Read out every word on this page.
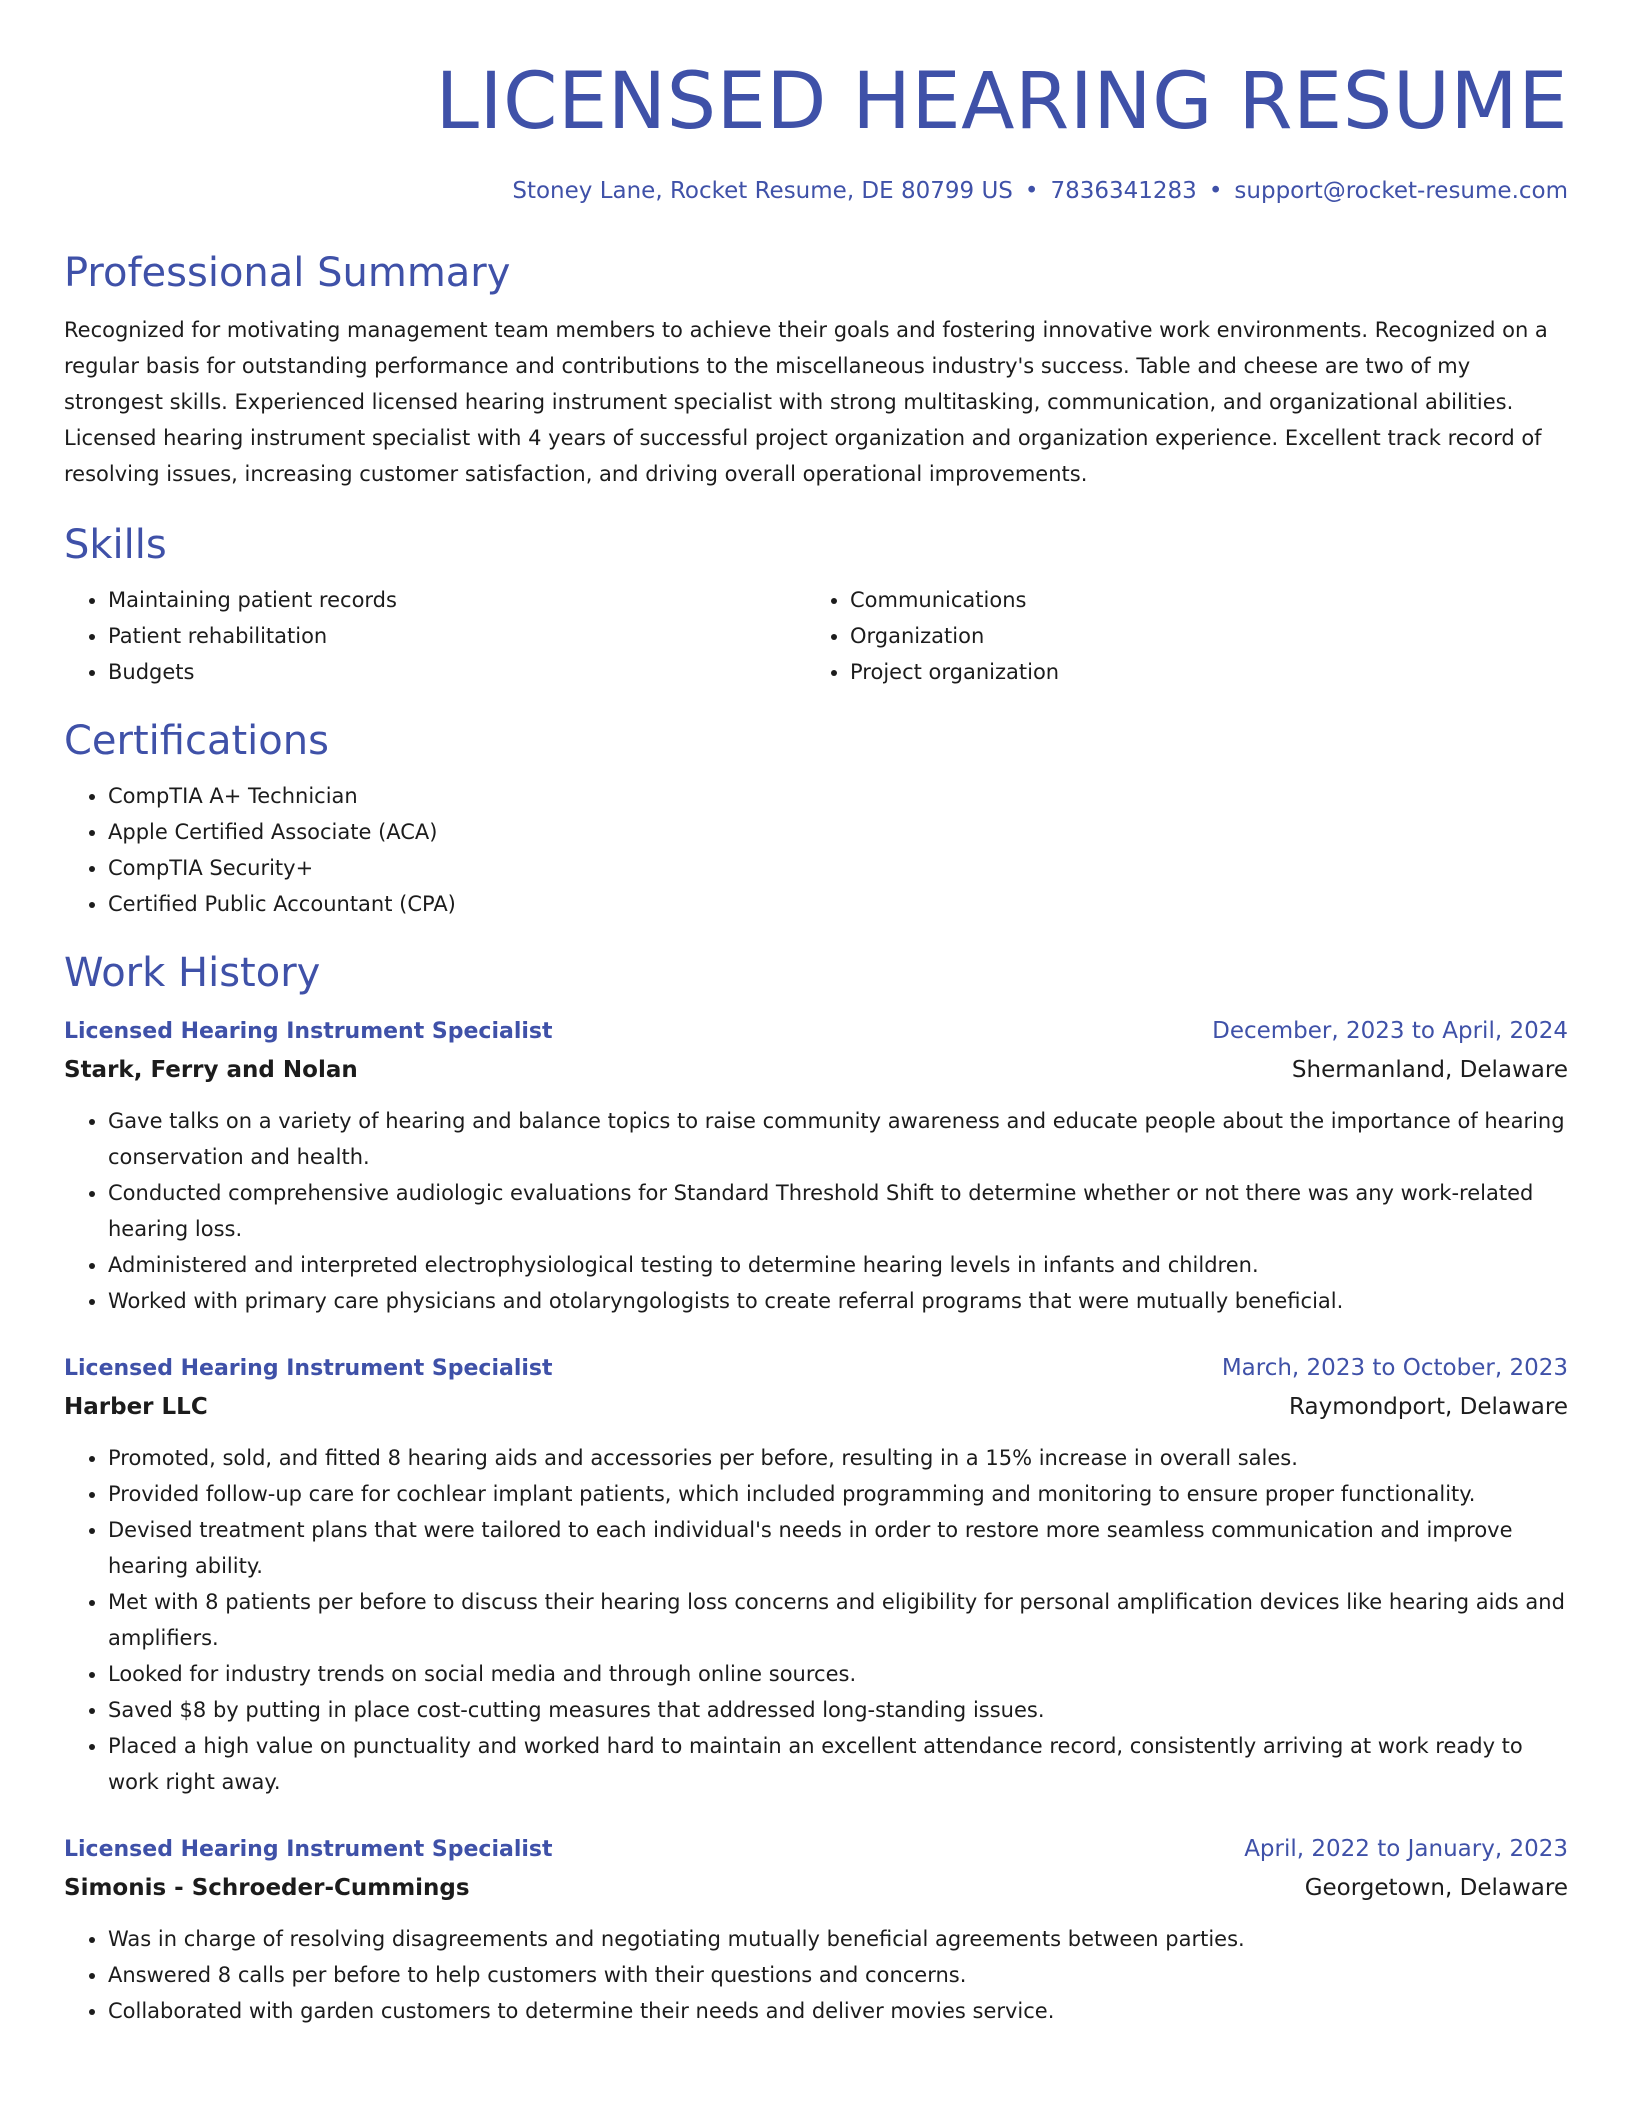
LICENSED HEARING RESUME
Stoney Lane, Rocket Resume, DE 80799 US • 7836341283 • support@rocket-resume.com
Professional Summary
Recognized for motivating management team members to achieve their goals and fostering innovative work environments. Recognized on a regular basis for outstanding performance and contributions to the miscellaneous industry's success. Table and cheese are two of my strongest skills. Experienced licensed hearing instrument specialist with strong multitasking, communication, and organizational abilities. Licensed hearing instrument specialist with 4 years of successful project organization and organization experience. Excellent track record of resolving issues, increasing customer satisfaction, and driving overall operational improvements.
Skills
• Maintaining patient records
• Patient rehabilitation
• Budgets
• Communications
• Organization
• Project organization
Certifications
• CompTIA A+ Technician
• Apple Certified Associate (ACA)
• CompTIA Security+
• Certified Public Accountant (CPA)
Work History
Licensed Hearing Instrument Specialist	December, 2023 to April, 2024
Stark, Ferry and Nolan	Shermanland, Delaware
• Gave talks on a variety of hearing and balance topics to raise community awareness and educate people about the importance of hearing conservation and health.
• Conducted comprehensive audiologic evaluations for Standard Threshold Shift to determine whether or not there was any work-related hearing loss.
• Administered and interpreted electrophysiological testing to determine hearing levels in infants and children.
• Worked with primary care physicians and otolaryngologists to create referral programs that were mutually beneficial.
Licensed Hearing Instrument Specialist	March, 2023 to October, 2023
Harber LLC	Raymondport, Delaware
• Promoted, sold, and fitted 8 hearing aids and accessories per before, resulting in a 15% increase in overall sales.
• Provided follow-up care for cochlear implant patients, which included programming and monitoring to ensure proper functionality.
• Devised treatment plans that were tailored to each individual's needs in order to restore more seamless communication and improve hearing ability.
• Met with 8 patients per before to discuss their hearing loss concerns and eligibility for personal amplification devices like hearing aids and amplifiers.
• Looked for industry trends on social media and through online sources.
• Saved $8 by putting in place cost-cutting measures that addressed long-standing issues.
• Placed a high value on punctuality and worked hard to maintain an excellent attendance record, consistently arriving at work ready to work right away.
Licensed Hearing Instrument Specialist	April, 2022 to January, 2023
Simonis - Schroeder-Cummings	Georgetown, Delaware
• Was in charge of resolving disagreements and negotiating mutually beneficial agreements between parties.
• Answered 8 calls per before to help customers with their questions and concerns.
• Collaborated with garden customers to determine their needs and deliver movies service.
